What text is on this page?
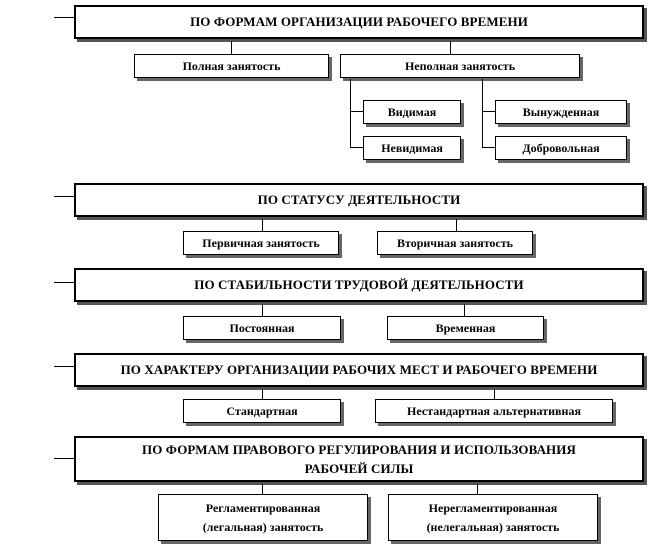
ПО ФОРМАМ ОРГАНИЗАЦИИ РАБОЧЕГО ВРЕМЕНИ
Полная занятость	Неполная занятость
Видимая
Невидимая
Вынужденная
Добровольная
ПО СТАТУСУ ДЕЯТЕЛЬНОСТИ
Первичная занятость	Вторичная занятость
ПО СТАБИЛЬНОСТИ ТРУДОВОЙ ДЕЯТЕЛЬНОСТИ
Постоянная	Временная
ПО ХАРАКТЕРУ ОРГАНИЗАЦИИ РАБОЧИХ МЕСТ И РАБОЧЕГО ВРЕМЕНИ
Стандартная	Нестандартная альтернативная
ПО ФОРМАМ ПРАВОВОГО РЕГУЛИРОВАНИЯ И ИСПОЛЬЗОВАНИЯ
РАБОЧЕЙ СИЛЫ
Регламентированная
(легальная) занятость
Нерегламентированная
(нелегальная) занятость
